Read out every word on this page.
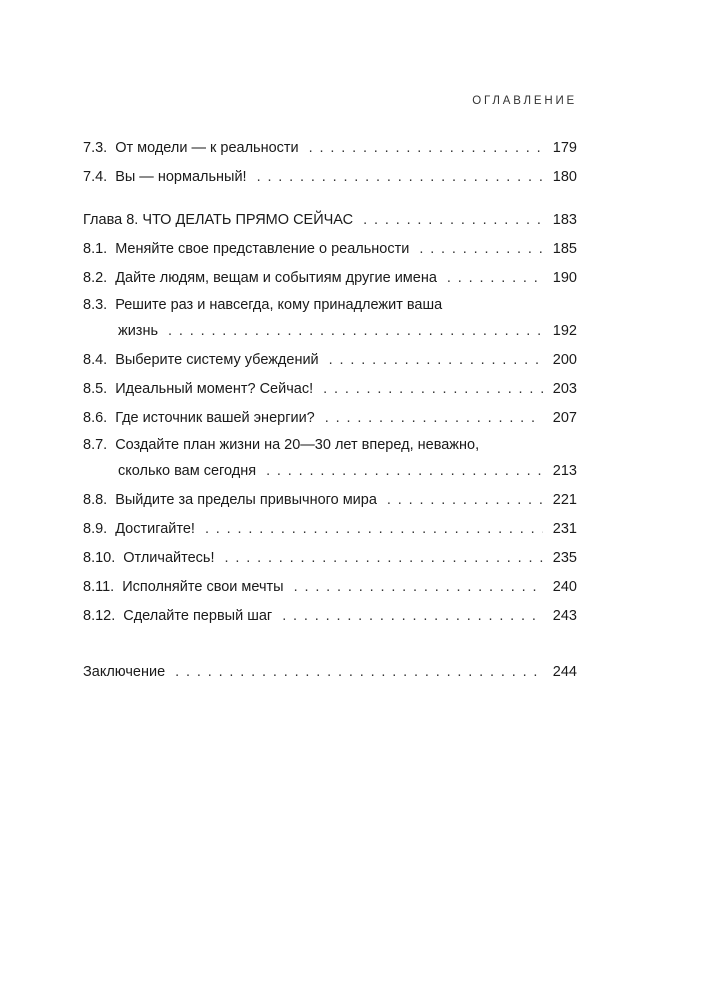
ОГЛАВЛЕНИЕ
7.3. От модели — к реальности . . .	179
7.4. Вы — нормальный! . . .	180
Глава 8. ЧТО ДЕЛАТЬ ПРЯМО СЕЙЧАС . . .	183
8.1. Меняйте свое представление о реальности . . .	185
8.2. Дайте людям, вещам и событиям другие имена . . .	190
8.3. Решите раз и навсегда, кому принадлежит ваша
жизнь . . .	192
8.4. Выберите систему убеждений . . .	200
8.5. Идеальный момент? Сейчас! . . .	203
8.6. Где источник вашей энергии? . . .	207
8.7. Создайте план жизни на 20—30 лет вперед, неважно,
сколько вам сегодня . . .	213
8.8. Выйдите за пределы привычного мира . . .	221
8.9. Достигайте! . . .	231
8.10. Отличайтесь! . . .	235
8.11. Исполняйте свои мечты . . .	240
8.12. Сделайте первый шаг . . .	243
Заключение . . .	244
